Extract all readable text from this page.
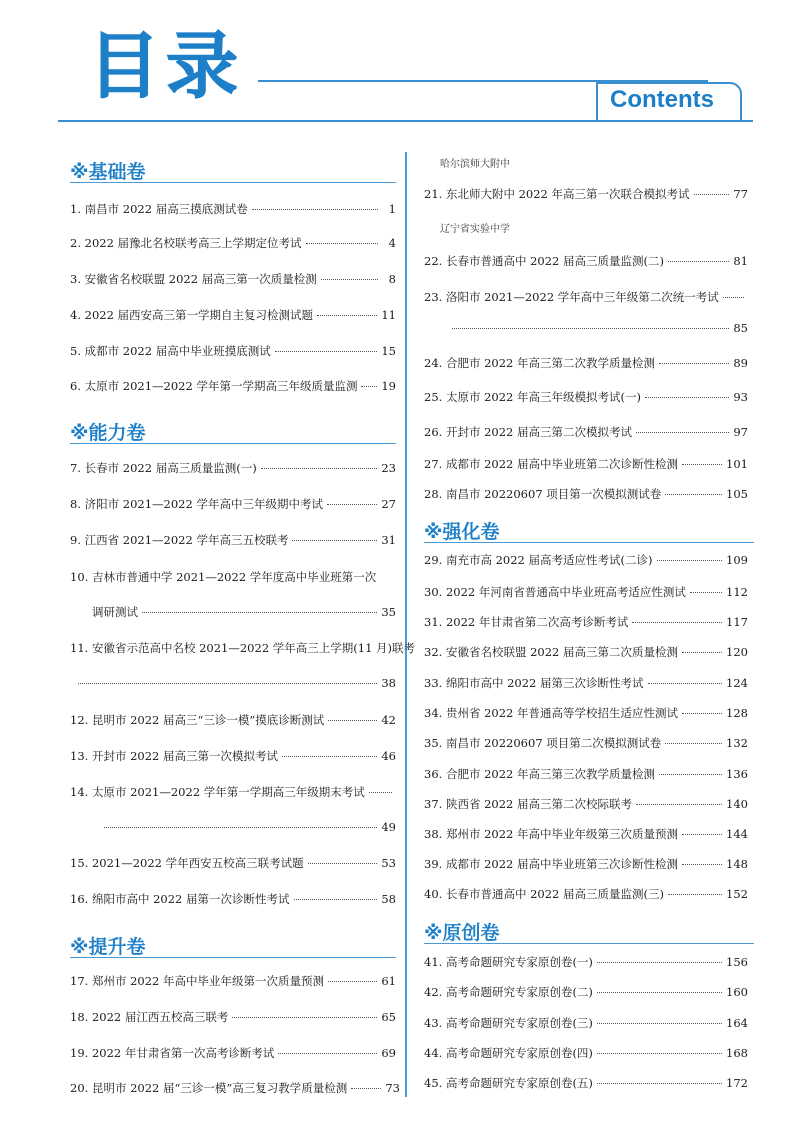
目录	Contents
※基础卷
※能力卷
※提升卷
※强化卷
※原创卷
1. 南昌市 2022 届高三摸底测试卷	1
2. 2022 届豫北名校联考高三上学期定位考试	4
3. 安徽省名校联盟 2022 届高三第一次质量检测	8
4. 2022 届西安高三第一学期自主复习检测试题	11
5. 成都市 2022 届高中毕业班摸底测试	15
6. 太原市 2021—2022 学年第一学期高三年级质量监测 19
7. 长春市 2022 届高三质量监测(一)	23
8. 济阳市 2021—2022 学年高中三年级期中考试	27
9. 江西省 2021—2022 学年高三五校联考	31
10. 吉林市普通中学 2021—2022 学年度高中毕业班第一次
调研测试	35
11. 安徽省示范高中名校 2021—2022 学年高三上学期(11 月)联考
38
12. 昆明市 2022 届高三“三诊一模”摸底诊断测试	42
13. 开封市 2022 届高三第一次模拟考试	46
14. 太原市 2021—2022 学年第一学期高三年级期末考试
49
15. 2021—2022 学年西安五校高三联考试题	53
16. 绵阳市高中 2022 届第一次诊断性考试	58
17. 郑州市 2022 年高中毕业年级第一次质量预测	61
18. 2022 届江西五校高三联考	65
19. 2022 年甘肃省第一次高考诊断考试	69
20. 昆明市 2022 届“三诊一模”高三复习教学质量检测	73
哈尔滨师大附中
21. 东北师大附中 2022 年高三第一次联合模拟考试	77
辽宁省实验中学
22. 长春市普通高中 2022 届高三质量监测(二)	81
23. 洛阳市 2021—2022 学年高中三年级第二次统一考试
85
24. 合肥市 2022 年高三第二次教学质量检测	89
25. 太原市 2022 年高三年级模拟考试(一)	93
26. 开封市 2022 届高三第二次模拟考试	97
27. 成都市 2022 届高中毕业班第二次诊断性检测	101
28. 南昌市 20220607 项目第一次模拟测试卷	105
29. 南充市高 2022 届高考适应性考试(二诊)	109
30. 2022 年河南省普通高中毕业班高考适应性测试	112
31. 2022 年甘肃省第二次高考诊断考试	117
32. 安徽省名校联盟 2022 届高三第二次质量检测	120
33. 绵阳市高中 2022 届第三次诊断性考试	124
34. 贵州省 2022 年普通高等学校招生适应性测试	128
35. 南昌市 20220607 项目第二次模拟测试卷	132
36. 合肥市 2022 年高三第三次教学质量检测	136
37. 陕西省 2022 届高三第二次校际联考	140
38. 郑州市 2022 年高中毕业年级第三次质量预测	144
39. 成都市 2022 届高中毕业班第三次诊断性检测	148
40. 长春市普通高中 2022 届高三质量监测(三)	152
41. 高考命题研究专家原创卷(一)	156
42. 高考命题研究专家原创卷(二)	160
43. 高考命题研究专家原创卷(三)	164
44. 高考命题研究专家原创卷(四)	168
45. 高考命题研究专家原创卷(五)	172
